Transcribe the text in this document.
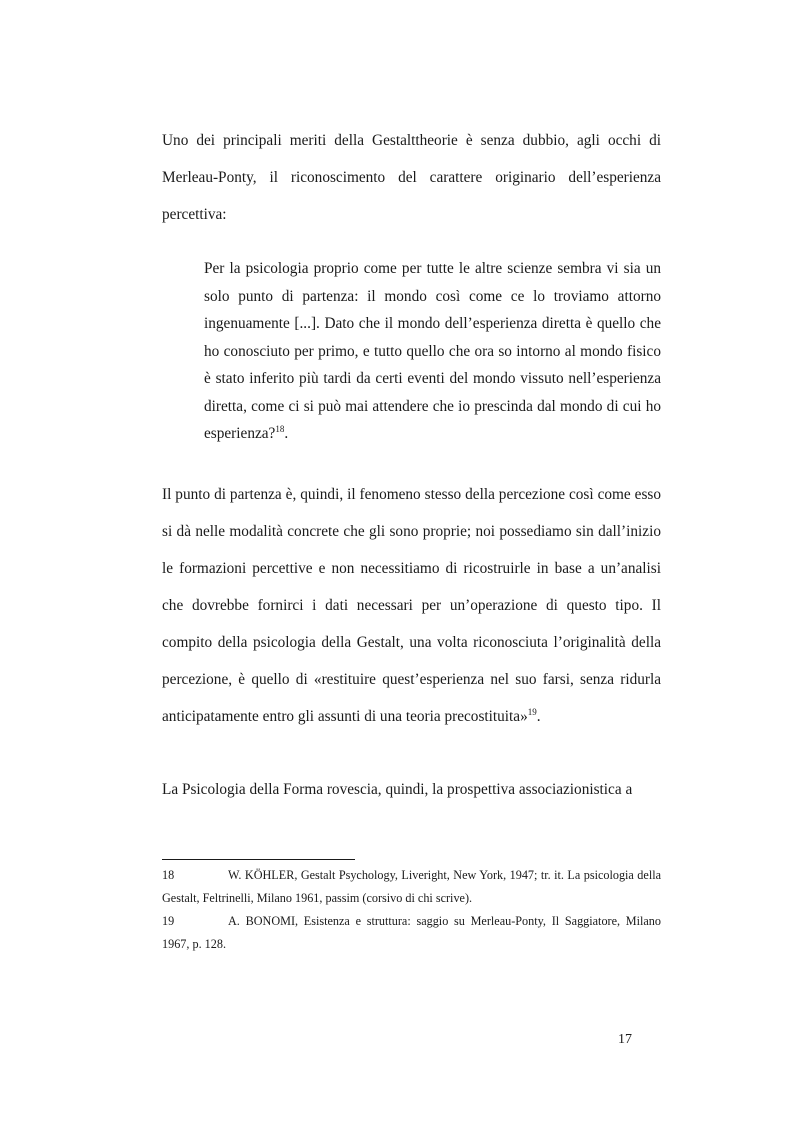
Uno dei principali meriti della Gestalttheorie è senza dubbio, agli occhi di Merleau-Ponty, il riconoscimento del carattere originario dell’esperienza percettiva:

Per la psicologia proprio come per tutte le altre scienze sembra vi sia un solo punto di partenza: il mondo così come ce lo troviamo attorno ingenuamente [...]. Dato che il mondo dell’esperienza diretta è quello che ho conosciuto per primo, e tutto quello che ora so intorno al mondo fisico è stato inferito più tardi da certi eventi del mondo vissuto nell’esperienza diretta, come ci si può mai attendere che io prescinda dal mondo di cui ho esperienza?$^{18}$.

Il punto di partenza è, quindi, il fenomeno stesso della percezione così come esso si dà nelle modalità concrete che gli sono proprie; noi possediamo sin dall’inizio le formazioni percettive e non necessitiamo di ricostruirle in base a un’analisi che dovrebbe fornirci i dati necessari per un’operazione di questo tipo. Il compito della psicologia della Gestalt, una volta riconosciuta l’originalità della percezione, è quello di «restituire quest’esperienza nel suo farsi, senza ridurla anticipatamente entro gli assunti di una teoria precostituita»$^{19}$.

La Psicologia della Forma rovescia, quindi, la prospettiva associazionistica a

18	W. KÖHLER, Gestalt Psychology, Liveright, New York, 1947; tr. it. La psicologia della Gestalt, Feltrinelli, Milano 1961, passim (corsivo di chi scrive).

19	A. BONOMI, Esistenza e struttura: saggio su Merleau-Ponty, Il Saggiatore, Milano 1967, p. 128.

17
